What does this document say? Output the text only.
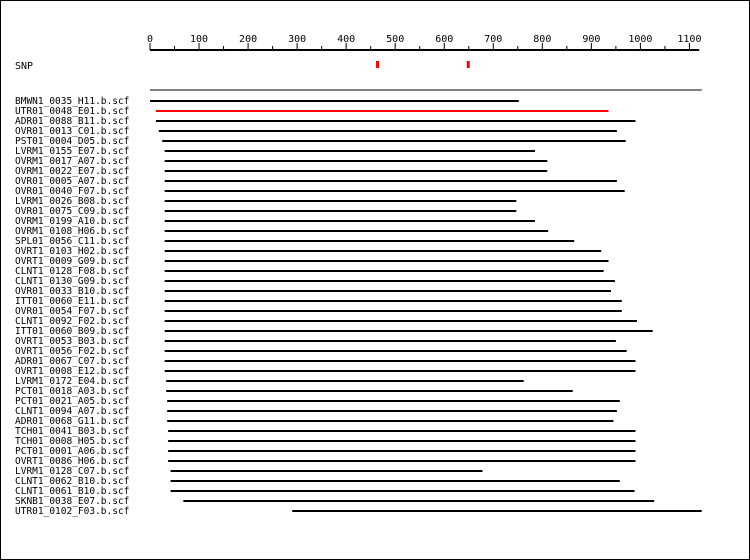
0	100	200	300	400	500	600	700	800	900	1000 1100
SNP
BMWN1_0035_H11.b.scf
UTR01_0048_E01.b.scf
ADR01_0088_B11.b.scf
OVR01_0013_C01.b.scf
PST01_0004_D05.b.scf
LVRM1_0155_E07.b.scf
OVRM1_0017_A07.b.scf
OVRM1_0022_E07.b.scf
OVR01_0005_A07.b.scf
OVR01_0040_F07.b.scf
LVRM1_0026_B08.b.scf
OVR01_0075_C09.b.scf
OVRM1_0199_A10.b.scf
OVRM1_0108_H06.b.scf
SPL01_0056_C11.b.scf
OVRT1_0103_H02.b.scf
OVRT1_0009_G09.b.scf
CLNT1_0128_F08.b.scf
CLNT1_0130_G09.b.scf
OVR01_0033_B10.b.scf
ITT01_0060_E11.b.scf
OVR01_0054_F07.b.scf
CLNT1_0092_F02.b.scf
ITT01_0060_B09.b.scf
OVRT1_0053_B03.b.scf
OVRT1_0056_F02.b.scf
ADR01_0067_C07.b.scf
OVRT1_0008_E12.b.scf
LVRM1_0172_E04.b.scf
PCT01_0018_A03.b.scf
PCT01_0021_A05.b.scf
CLNT1_0094_A07.b.scf
ADR01_0068_G11.b.scf
TCH01_0041_B03.b.scf
TCH01_0008_H05.b.scf
PCT01_0001_A06.b.scf
OVRT1_0086_H06.b.scf
LVRM1_0128_C07.b.scf
CLNT1_0062_B10.b.scf
CLNT1_0061_B10.b.scf
SKNB1_0038_E07.b.scf
UTR01_0102_F03.b.scf
